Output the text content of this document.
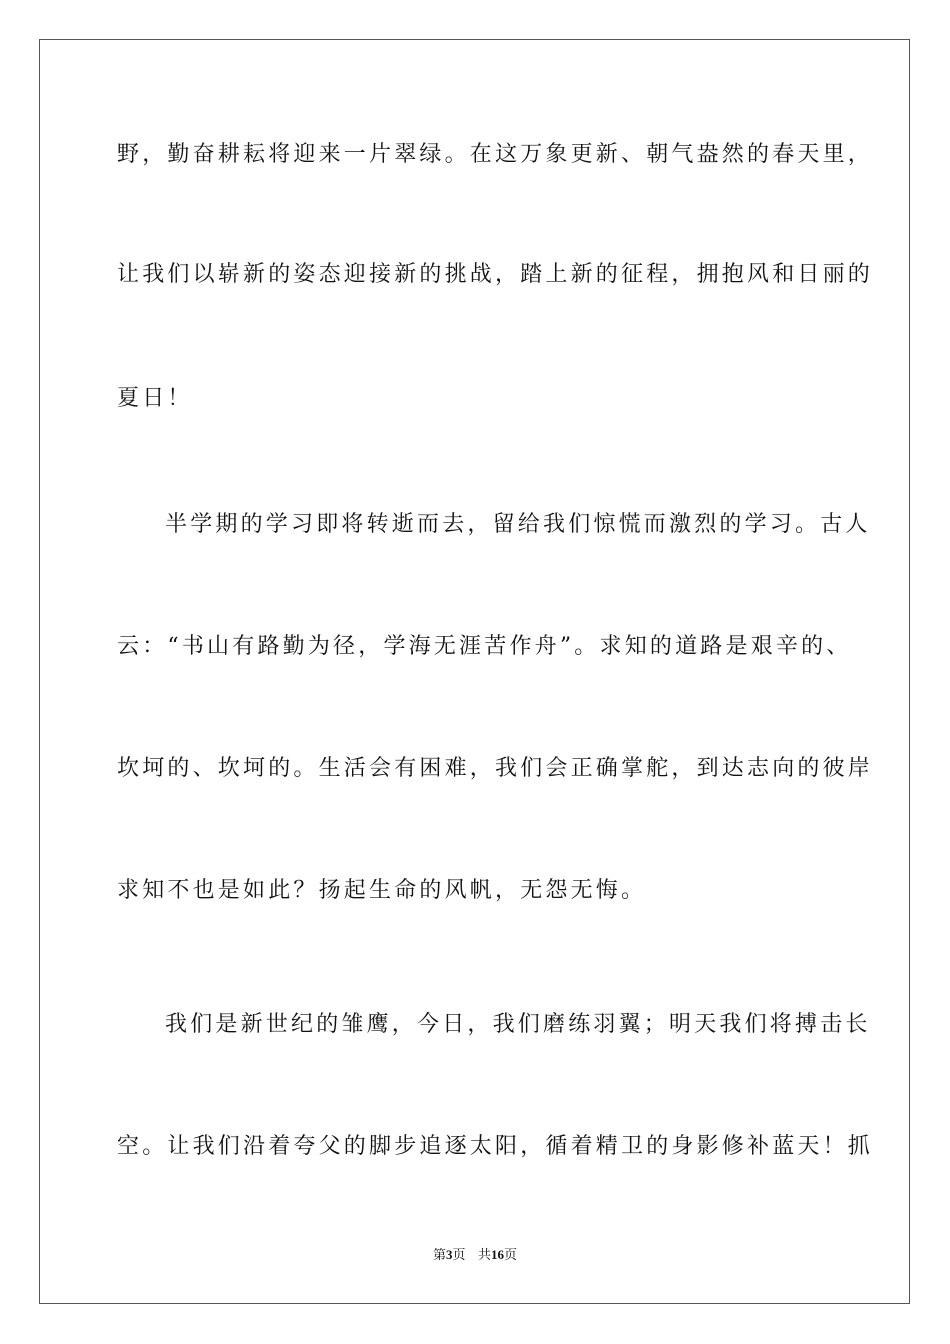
野，勤奋耕耘将迎来一片翠绿。在这万象更新、朝气盎然的春天里，
让我们以崭新的姿态迎接新的挑战，踏上新的征程，拥抱风和日丽的
夏日！
半学期的学习即将转逝而去，留给我们惊慌而激烈的学习。古人
云：“书山有路勤为径，学海无涯苦作舟”。求知的道路是艰辛的、
坎坷的、坎坷的。生活会有困难，我们会正确掌舵，到达志向的彼岸
求知不也是如此？扬起生命的风帆，无怨无悔。
我们是新世纪的雏鹰，今日，我们磨练羽翼；明天我们将搏击长
空。让我们沿着夸父的脚步追逐太阳，循着精卫的身影修补蓝天！抓
第3页 共16页
